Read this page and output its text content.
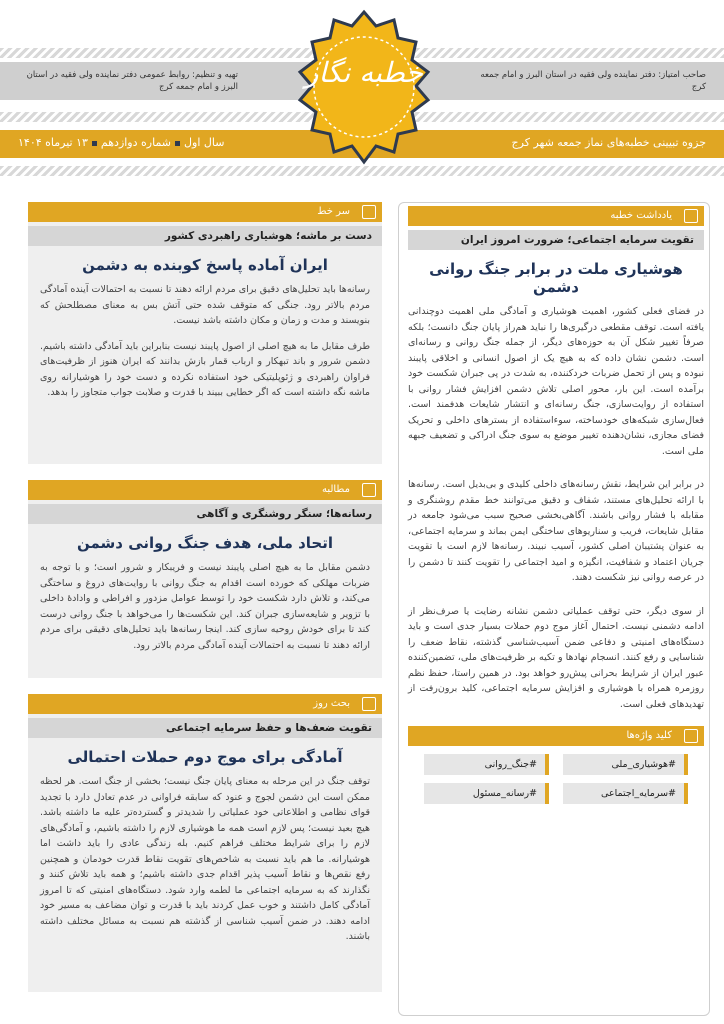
صاحب امتیاز: دفتر نماینده ولی فقیه در استان البرز و امام جمعه کرج
تهیه و تنظیم: روابط عمومی دفتر نماینده ولی فقیه در استان البرز و امام جمعه کرج
جزوه تبیینی خطبه‌های نماز جمعه شهر کرج
سال اولشماره دوازدهم۱۳ تیرماه ۱۴۰۴
خطبه نگار
یادداشت خطبه
تقویت سرمایه اجتماعی؛ ضرورت امروز ایران
هوشیاری ملت در برابر جنگ روانی دشمن

در فضای فعلی کشور، اهمیت هوشیاری و آمادگی ملی اهمیت دوچندانی یافته است. توقف مقطعی درگیری‌ها را نباید هم‌راز پایان جنگ دانست؛ بلکه صرفاً تغییر شکل آن به حوزه‌های دیگر، از جمله جنگ روانی و رسانه‌ای است. دشمن نشان داده که به هیچ یک از اصول انسانی و اخلاقی پایبند نبوده و پس از تحمل ضربات خردکننده، به شدت در پی جبران شکست خود برآمده است. این بار، محور اصلی تلاش دشمن افزایش فشار روانی با استفاده از روایت‌سازی، جنگ رسانه‌ای و انتشار شایعات هدفمند است. فعال‌سازی شبکه‌های خودساخته، سوءاستفاده از بسترهای داخلی و تحریک فضای مجازی، نشان‌دهنده تغییر موضع به سوی جنگ ادراکی و تضعیف جبهه ملی است.

در برابر این شرایط، نقش رسانه‌های داخلی کلیدی و بی‌بدیل است. رسانه‌ها با ارائه تحلیل‌های مستند، شفاف و دقیق می‌توانند خط مقدم روشنگری و مقابله با فشار روانی باشند. آگاهی‌بخشی صحیح سبب می‌شود جامعه در مقابل شایعات، فریب و سناریوهای ساختگی ایمن بماند و سرمایه اجتماعی، به عنوان پشتیبان اصلی کشور، آسیب نبیند. رسانه‌ها لازم است با تقویت جریان اعتماد و شفافیت، انگیزه و امید اجتماعی را تقویت کنند تا دشمن را در عرصه روانی نیز شکست دهند.

از سوی دیگر، حتی توقف عملیاتی دشمن نشانه رضایت یا صرف‌نظر از ادامه دشمنی نیست. احتمال آغاز موج دوم حملات بسیار جدی است و باید دستگاه‌های امنیتی و دفاعی ضمن آسیب‌شناسی گذشته، نقاط ضعف را شناسایی و رفع کنند. انسجام نهادها و تکیه بر ظرفیت‌های ملی، تضمین‌کننده عبور ایران از شرایط بحرانی پیش‌رو خواهد بود. در همین راستا، حفظ نظم روزمره همراه با هوشیاری و افزایش سرمایه اجتماعی، کلید برون‌رفت از تهدیدهای فعلی است.

کلید واژه‌ها
#هوشیاری_ملی
#جنگ_روانی
#سرمایه_اجتماعی
#رسانه_مسئول
سر خط
دست بر ماشه؛ هوشیاری راهبردی کشور
ایران آماده پاسخ کوبنده به دشمن

رسانه‌ها باید تحلیل‌های دقیق برای مردم ارائه دهند تا نسبت به احتمالات آینده آمادگی مردم بالاتر رود. جنگی که متوقف شده حتی آتش بس به معنای مصطلحش که بنویسند و مدت و زمان و مکان داشته باشد نیست.

طرف مقابل ما به هیچ اصلی از اصول پایبند نیست بنابراین باید آمادگی داشته باشیم. دشمن شرور و باند تبهکار و ارباب قمار بازش بدانند که ایران هنوز از ظرفیت‌های فراوان راهبردی و ژئوپلیتیکی خود استفاده نکرده و دست خود را هوشیارانه روی ماشه نگه داشته است که اگر خطایی ببیند با قدرت و صلابت جواب متجاوز را بدهد.

مطالبه
رسانه‌ها؛ سنگر روشنگری و آگاهی
اتحاد ملی، هدف جنگ روانی دشمن

دشمن مقابل ما به هیچ اصلی پایبند نیست و فریبکار و شرور است؛ و با توجه به ضربات مهلکی که خورده است اقدام به جنگ روانی با روایت‌های دروغ و ساختگی می‌کند، و تلاش دارد شکست خود را توسط عوامل مزدور و افراطی و وادادۀ داخلی با تزویر و شایعه‌سازی جبران کند. این شکست‌ها را می‌خواهد با جنگ روانی درست کند تا برای خودش روحیه سازی کند. اینجا رسانه‌ها باید تحلیل‌های دقیقی برای مردم ارائه دهند تا نسبت به احتمالات آینده آمادگی مردم بالاتر رود.

بحث روز
تقویت ضعف‌ها و حفظ سرمایه اجتماعی
آمادگی برای موج دوم حملات احتمالی

توقف جنگ در این مرحله به معنای پایان جنگ نیست؛ بخشی از جنگ است. هر لحظه ممکن است این دشمن لجوج و عنود که سابقه فراوانی در عدم تعادل دارد با تجدید قوای نظامی و اطلاعاتی خود عملیاتی را شدیدتر و گسترده‌تر علیه ما داشته باشد. هیچ بعید نیست؛ پس لازم است همه ما هوشیاری لازم را داشته باشیم، و آمادگی‌های لازم را برای شرایط مختلف فراهم کنیم. بله زندگی عادی را باید داشت اما هوشیارانه. ما هم باید نسبت به شاخص‌های تقویت نقاط قدرت خودمان و همچنین رفع نقص‌ها و نقاط آسیب پذیر اقدام جدی داشته باشیم؛ و همه باید تلاش کنند و نگذارند که به سرمایه اجتماعی ما لطمه وارد شود. دستگاه‌های امنیتی که تا امروز آمادگی کامل داشتند و خوب عمل کردند باید با قدرت و توان مضاعف به مسیر خود ادامه دهند. در ضمن آسیب شناسی از گذشته هم نسبت به مسائل مختلف داشته باشند.
